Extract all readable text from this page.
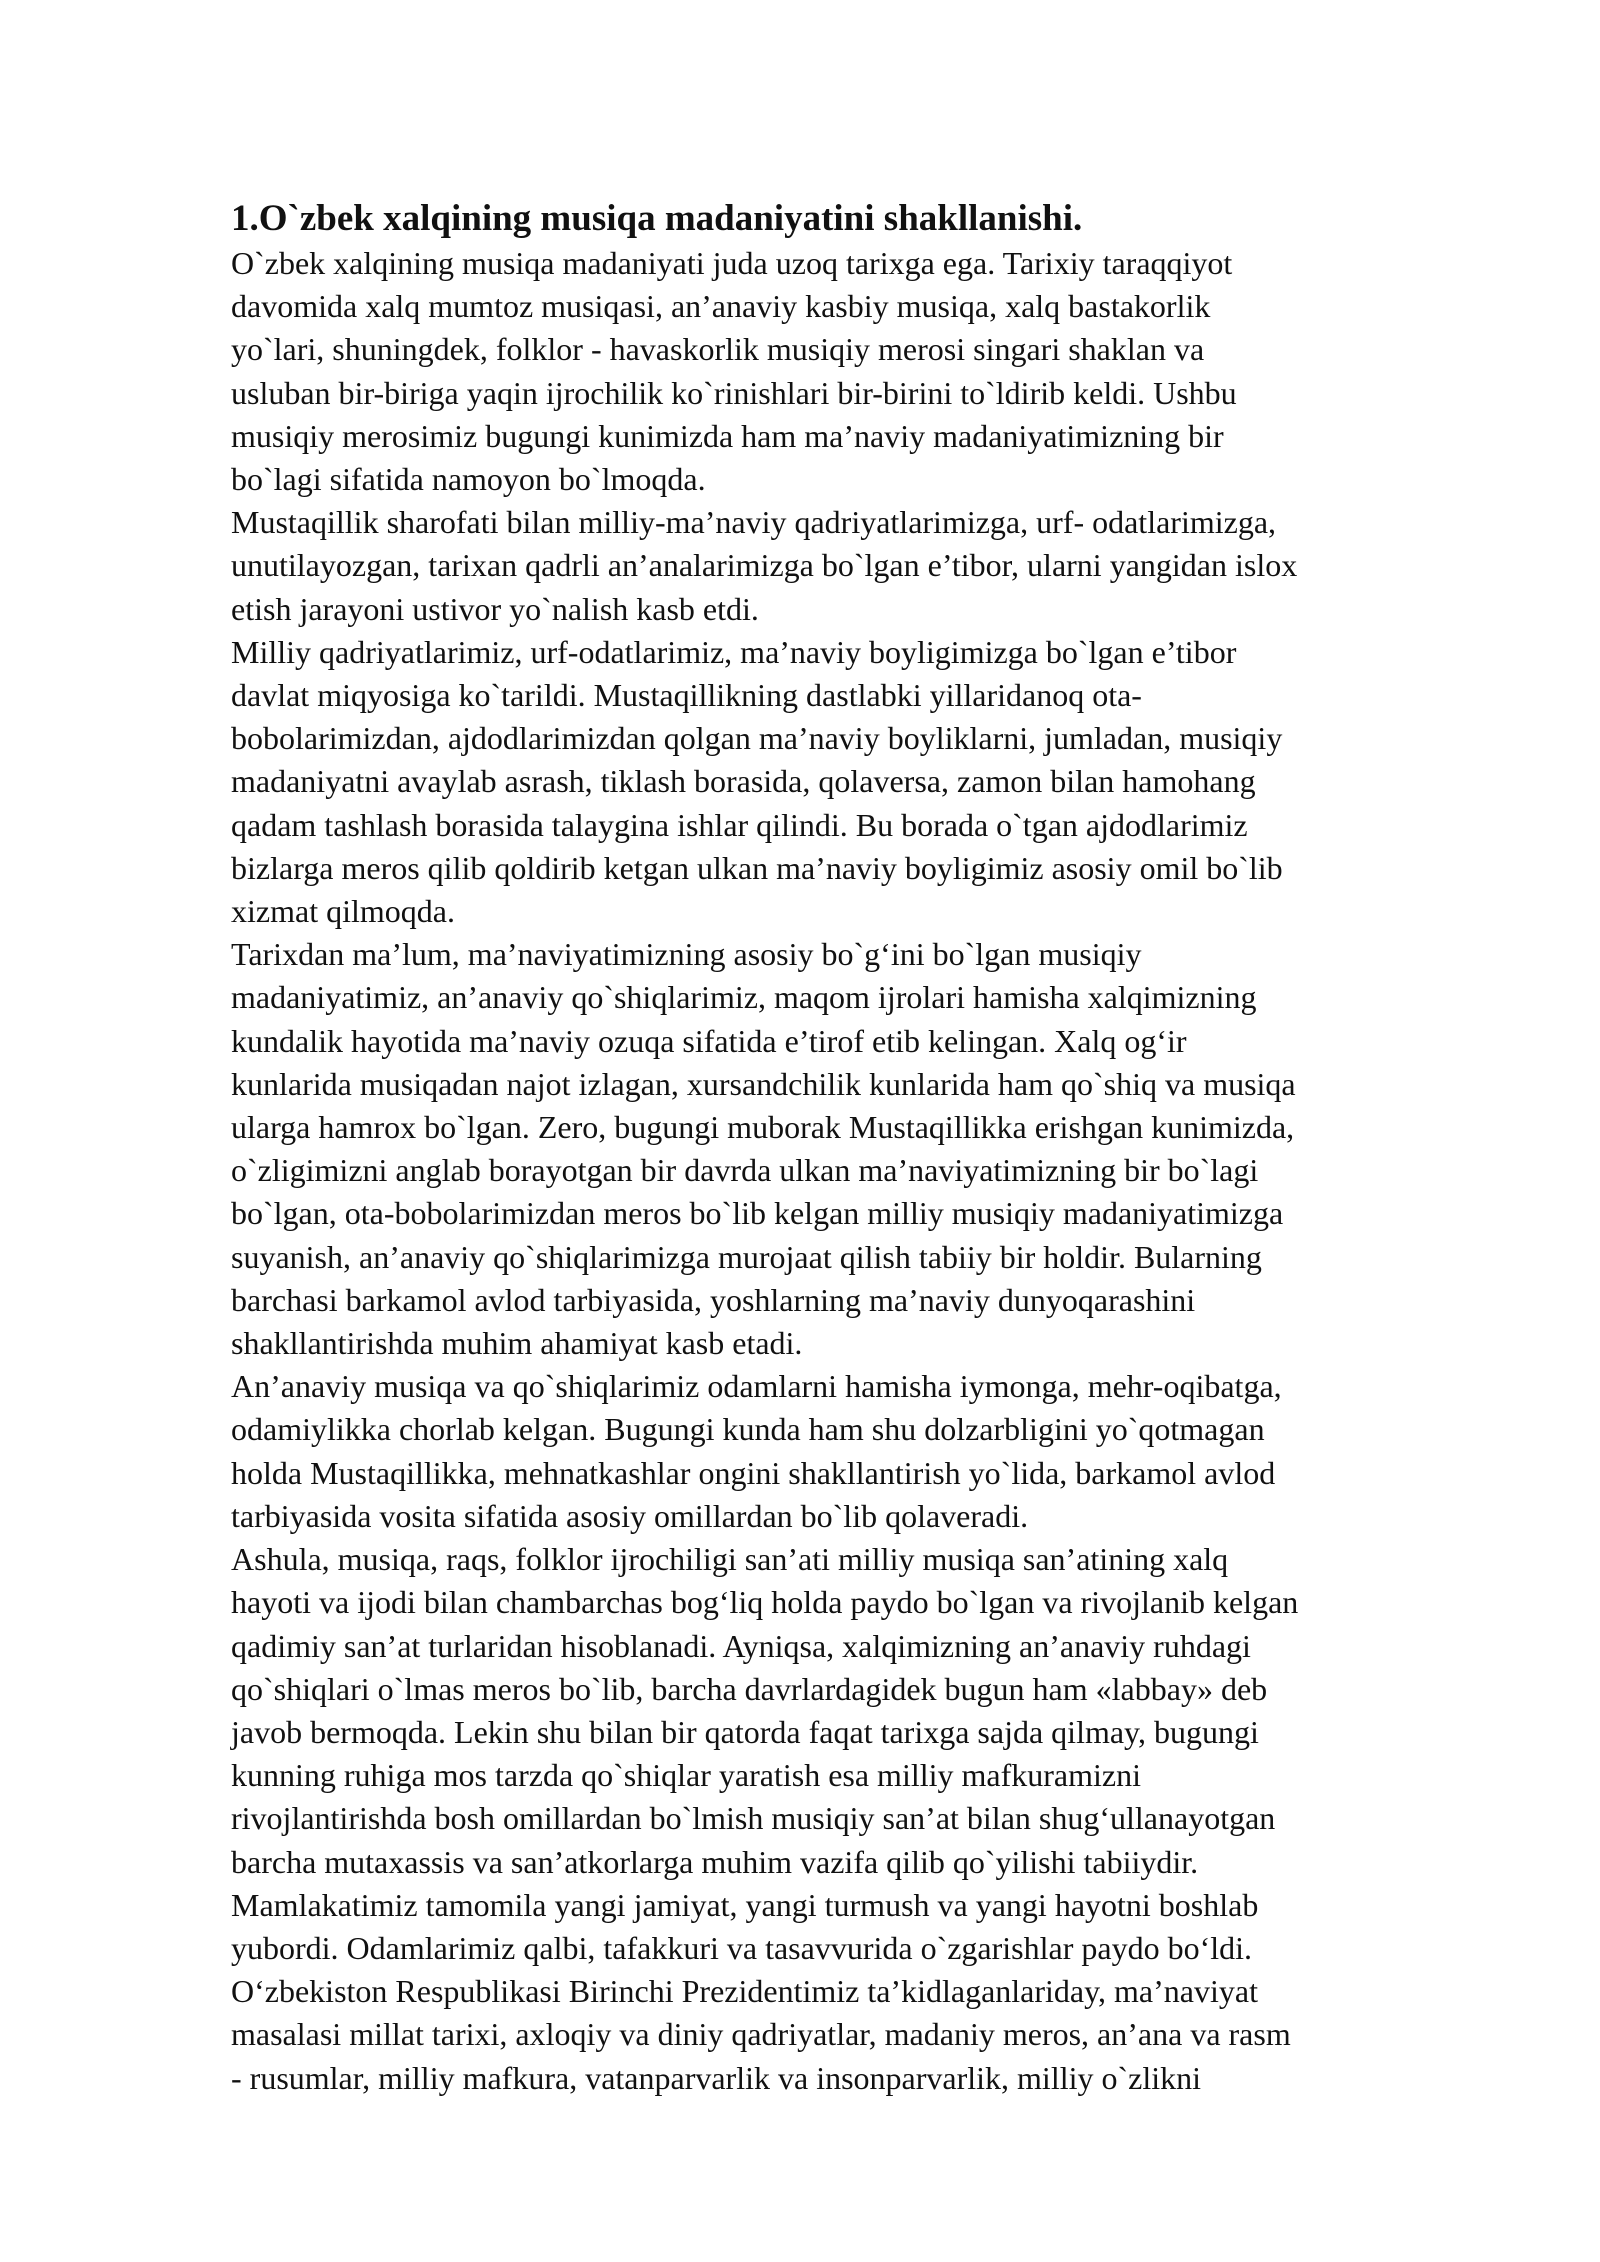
1.O`zbek xalqining musiqa madaniyatini shakllanishi.

O`zbek xalqining musiqa madaniyati juda uzoq tarixga ega. Tarixiy taraqqiyot
davomida xalq mumtoz musiqasi, an’anaviy kasbiy musiqa, xalq bastakorlik
yo`lari, shuningdek, folklor - havaskorlik musiqiy merosi singari shaklan va
usluban bir-biriga yaqin ijrochilik ko`rinishlari bir-birini to`ldirib keldi. Ushbu
musiqiy merosimiz bugungi kunimizda ham ma’naviy madaniyatimizning bir
bo`lagi sifatida namoyon bo`lmoqda.

Mustaqillik sharofati bilan milliy-ma’naviy qadriyatlarimizga, urf- odatlarimizga,
unutilayozgan, tarixan qadrli an’analarimizga bo`lgan e’tibor, ularni yangidan islox
etish jarayoni ustivor yo`nalish kasb etdi.

Milliy qadriyatlarimiz, urf-odatlarimiz, ma’naviy boyligimizga bo`lgan e’tibor
davlat miqyosiga ko`tarildi. Mustaqillikning dastlabki yillaridanoq ota-
bobolarimizdan, ajdodlarimizdan qolgan ma’naviy boyliklarni, jumladan, musiqiy
madaniyatni avaylab asrash, tiklash borasida, qolaversa, zamon bilan hamohang
qadam tashlash borasida talaygina ishlar qilindi. Bu borada o`tgan ajdodlarimiz
bizlarga meros qilib qoldirib ketgan ulkan ma’naviy boyligimiz asosiy omil bo`lib
xizmat qilmoqda.

Tarixdan ma’lum, ma’naviyatimizning asosiy bo`g‘ini bo`lgan musiqiy
madaniyatimiz, an’anaviy qo`shiqlarimiz, maqom ijrolari hamisha xalqimizning
kundalik hayotida ma’naviy ozuqa sifatida e’tirof etib kelingan. Xalq og‘ir
kunlarida musiqadan najot izlagan, xursandchilik kunlarida ham qo`shiq va musiqa
ularga hamrox bo`lgan. Zero, bugungi muborak Mustaqillikka erishgan kunimizda,
o`zligimizni anglab borayotgan bir davrda ulkan ma’naviyatimizning bir bo`lagi
bo`lgan, ota-bobolarimizdan meros bo`lib kelgan milliy musiqiy madaniyatimizga
suyanish, an’anaviy qo`shiqlarimizga murojaat qilish tabiiy bir holdir. Bularning
barchasi barkamol avlod tarbiyasida, yoshlarning ma’naviy dunyoqarashini
shakllantirishda muhim ahamiyat kasb etadi.

An’anaviy musiqa va qo`shiqlarimiz odamlarni hamisha iymonga, mehr-oqibatga,
odamiylikka chorlab kelgan. Bugungi kunda ham shu dolzarbligini yo`qotmagan
holda Mustaqillikka, mehnatkashlar ongini shakllantirish yo`lida, barkamol avlod
tarbiyasida vosita sifatida asosiy omillardan bo`lib qolaveradi.

Ashula, musiqa, raqs, folklor ijrochiligi san’ati milliy musiqa san’atining xalq
hayoti va ijodi bilan chambarchas bog‘liq holda paydo bo`lgan va rivojlanib kelgan
qadimiy san’at turlaridan hisoblanadi. Ayniqsa, xalqimizning an’anaviy ruhdagi
qo`shiqlari o`lmas meros bo`lib, barcha davrlardagidek bugun ham «labbay» deb
javob bermoqda. Lekin shu bilan bir qatorda faqat tarixga sajda qilmay, bugungi
kunning ruhiga mos tarzda qo`shiqlar yaratish esa milliy mafkuramizni
rivojlantirishda bosh omillardan bo`lmish musiqiy san’at bilan shug‘ullanayotgan
barcha mutaxassis va san’atkorlarga muhim vazifa qilib qo`yilishi tabiiydir.

Mamlakatimiz tamomila yangi jamiyat, yangi turmush va yangi hayotni boshlab
yubordi. Odamlarimiz qalbi, tafakkuri va tasavvurida o`zgarishlar paydo bo‘ldi.
O‘zbekiston Respublikasi Birinchi Prezidentimiz ta’kidlaganlariday, ma’naviyat
masalasi millat tarixi, axloqiy va diniy qadriyatlar, madaniy meros, an’ana va rasm
- rusumlar, milliy mafkura, vatanparvarlik va insonparvarlik, milliy o`zlikni
